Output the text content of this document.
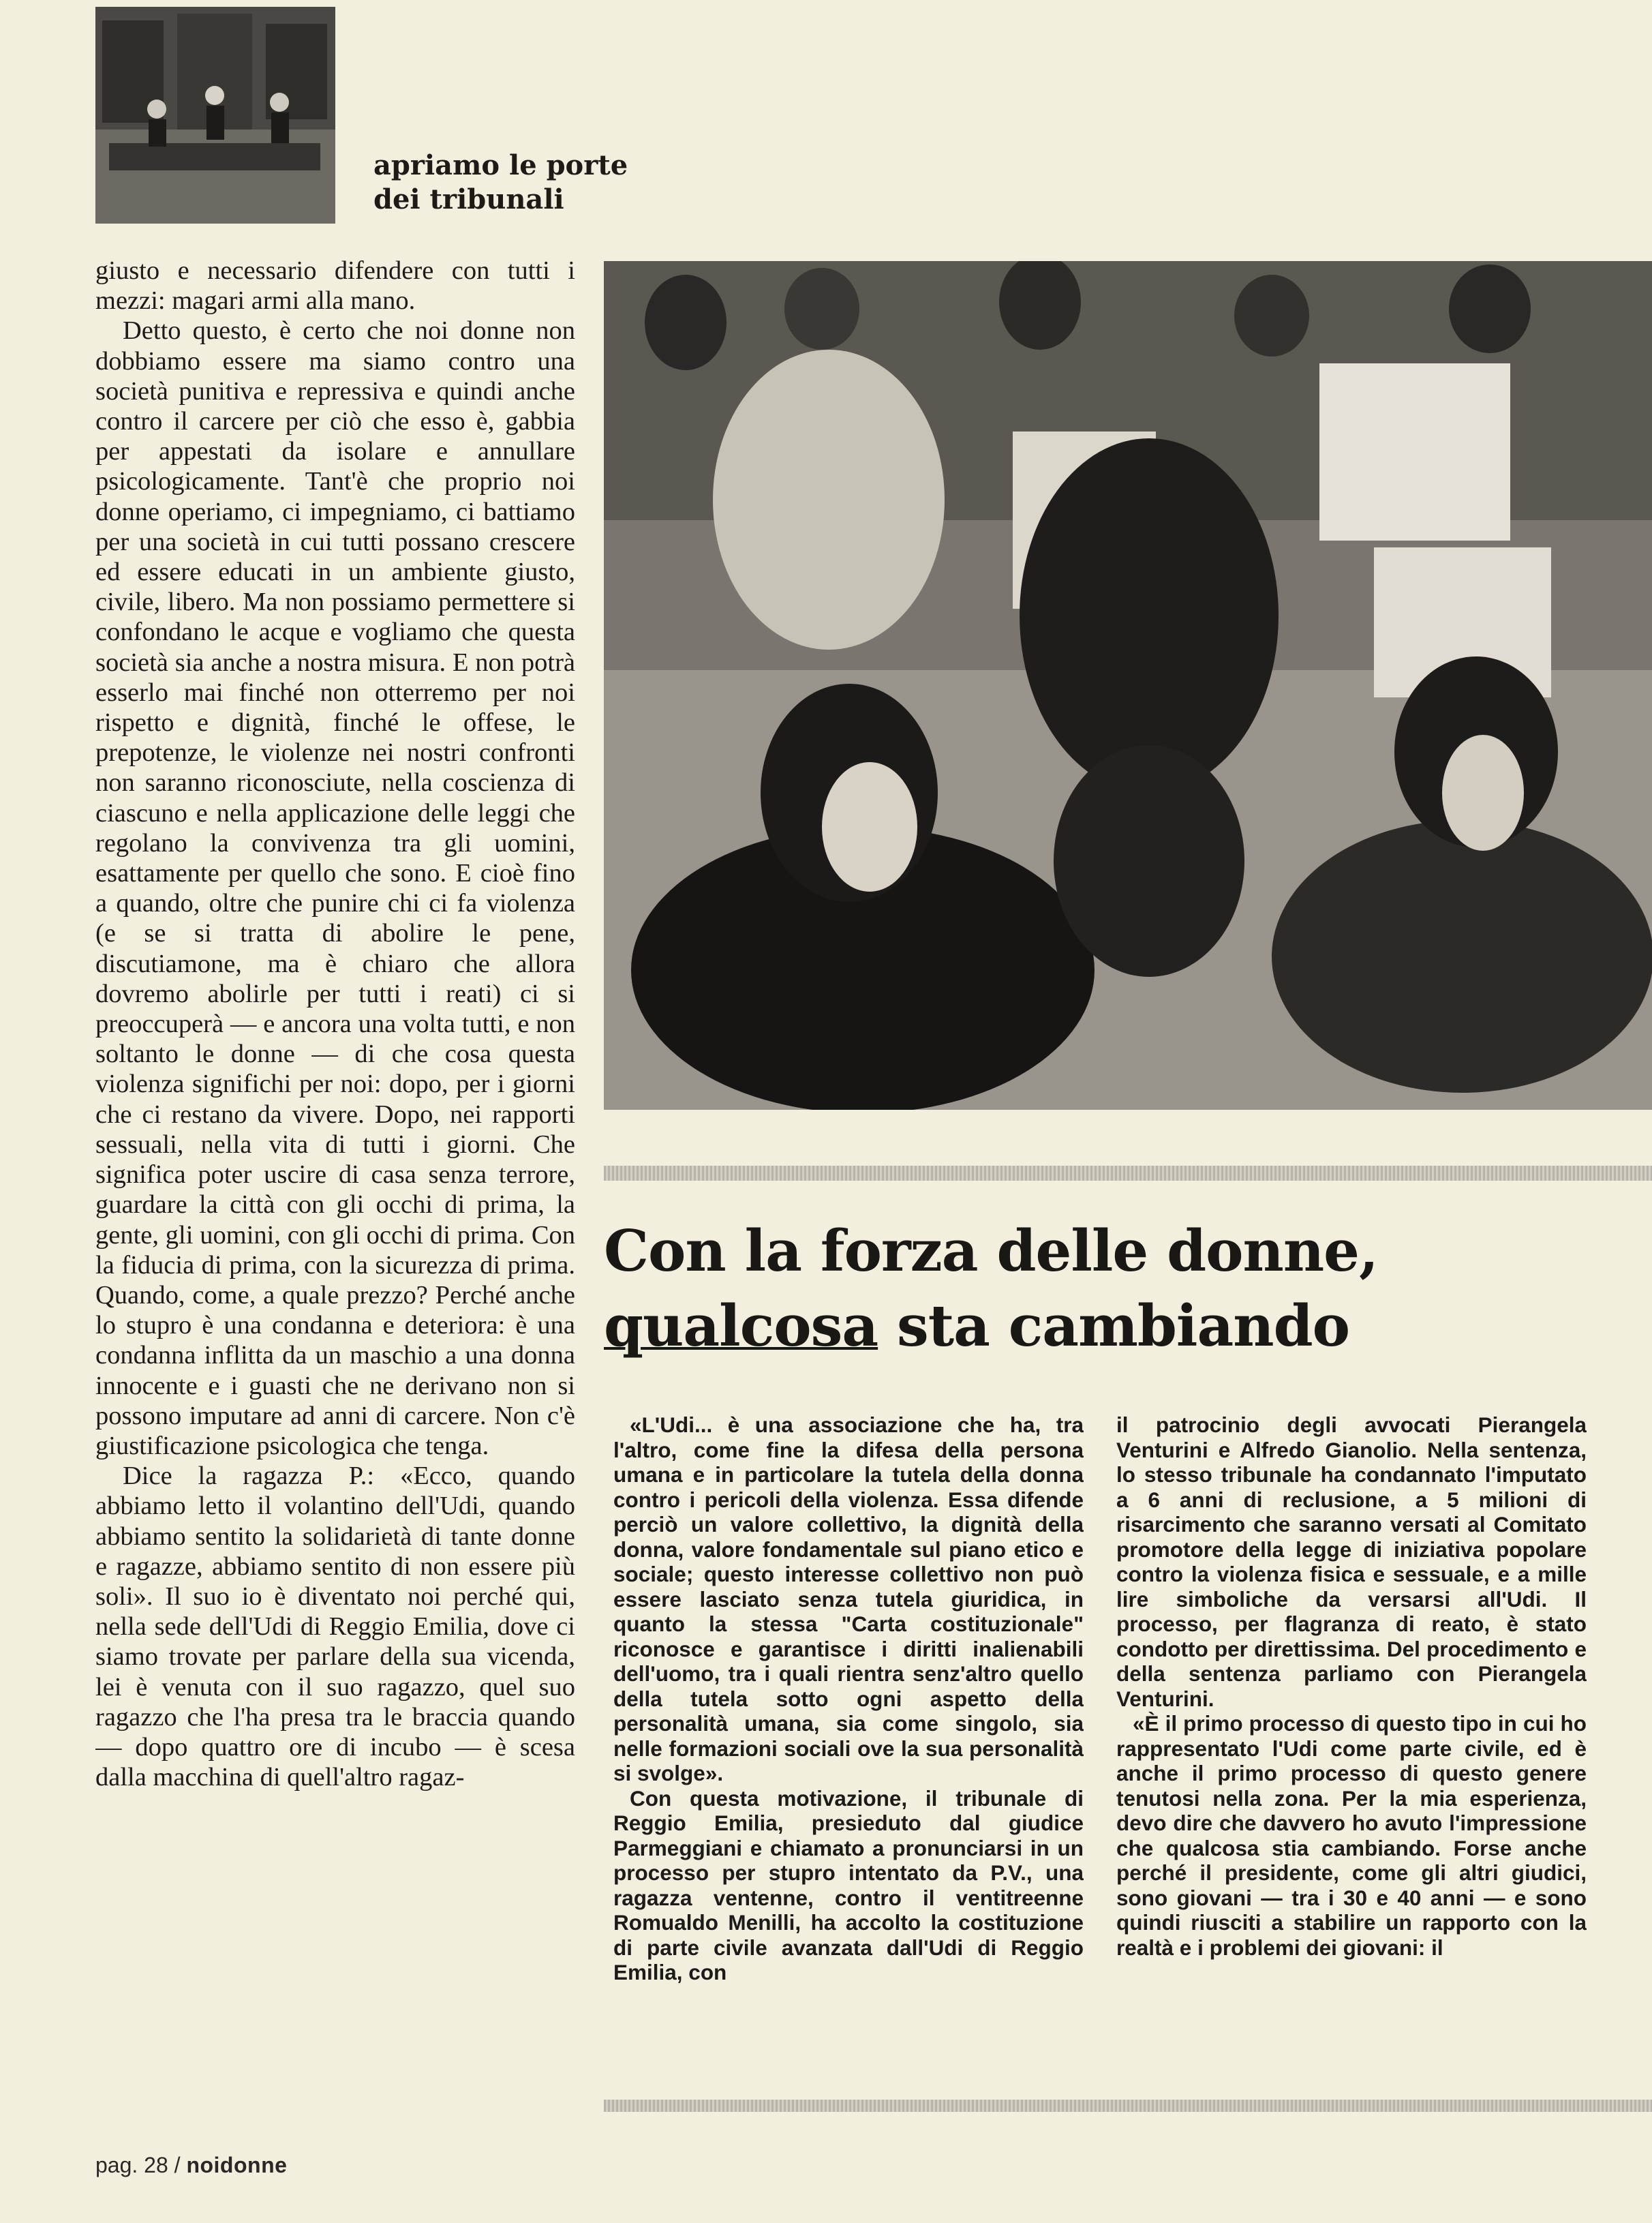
apriamo le porte
dei tribunali

giusto e necessario difendere con tutti i mezzi: magari armi alla mano.

Detto questo, è certo che noi donne non dobbiamo essere ma siamo contro una società punitiva e repressiva e quindi anche contro il carcere per ciò che esso è, gabbia per appestati da isolare e annullare psicologicamente. Tant'è che proprio noi donne operiamo, ci impegniamo, ci battiamo per una società in cui tutti possano crescere ed essere educati in un ambiente giusto, civile, libero. Ma non possiamo permettere si confondano le acque e vogliamo che questa società sia anche a nostra misura. E non potrà esserlo mai finché non otterremo per noi rispetto e dignità, finché le offese, le prepotenze, le violenze nei nostri confronti non saranno riconosciute, nella coscienza di ciascuno e nella applicazione delle leggi che regolano la convivenza tra gli uomini, esattamente per quello che sono. E cioè fino a quando, oltre che punire chi ci fa violenza (e se si tratta di abolire le pene, discutiamone, ma è chiaro che allora dovremo abolirle per tutti i reati) ci si preoccuperà — e ancora una volta tutti, e non soltanto le donne — di che cosa questa violenza significhi per noi: dopo, per i giorni che ci restano da vivere. Dopo, nei rapporti sessuali, nella vita di tutti i giorni. Che significa poter uscire di casa senza terrore, guardare la città con gli occhi di prima, la gente, gli uomini, con gli occhi di prima. Con la fiducia di prima, con la sicurezza di prima. Quando, come, a quale prezzo? Perché anche lo stupro è una condanna e deteriora: è una condanna inflitta da un maschio a una donna innocente e i guasti che ne derivano non si possono imputare ad anni di carcere. Non c'è giustificazione psicologica che tenga.

Dice la ragazza P.: «Ecco, quando abbiamo letto il volantino dell'Udi, quando abbiamo sentito la solidarietà di tante donne e ragazze, abbiamo sentito di non essere più soli». Il suo io è diventato noi perché qui, nella sede dell'Udi di Reggio Emilia, dove ci siamo trovate per parlare della sua vicenda, lei è venuta con il suo ragazzo, quel suo ragazzo che l'ha presa tra le braccia quando — dopo quattro ore di incubo — è scesa dalla macchina di quell'altro ragaz-

Con la forza delle donne,
qualcosa sta cambiando

«L'Udi... è una associazione che ha, tra l'altro, come fine la difesa della persona umana e in particolare la tutela della donna contro i pericoli della violenza. Essa difende perciò un valore collettivo, la dignità della donna, valore fondamentale sul piano etico e sociale; questo interesse collettivo non può essere lasciato senza tutela giuridica, in quanto la stessa "Carta costituzionale" riconosce e garantisce i diritti inalienabili dell'uomo, tra i quali rientra senz'altro quello della tutela sotto ogni aspetto della personalità umana, sia come singolo, sia nelle formazioni sociali ove la sua personalità si svolge».

Con questa motivazione, il tribunale di Reggio Emilia, presieduto dal giudice Parmeggiani e chiamato a pronunciarsi in un processo per stupro intentato da P.V., una ragazza ventenne, contro il ventitreenne Romualdo Menilli, ha accolto la costituzione di parte civile avanzata dall'Udi di Reggio Emilia, con

il patrocinio degli avvocati Pierangela Venturini e Alfredo Gianolio. Nella sentenza, lo stesso tribunale ha condannato l'imputato a 6 anni di reclusione, a 5 milioni di risarcimento che saranno versati al Comitato promotore della legge di iniziativa popolare contro la violenza fisica e sessuale, e a mille lire simboliche da versarsi all'Udi. Il processo, per flagranza di reato, è stato condotto per direttissima. Del procedimento e della sentenza parliamo con Pierangela Venturini.

«È il primo processo di questo tipo in cui ho rappresentato l'Udi come parte civile, ed è anche il primo processo di questo genere tenutosi nella zona. Per la mia esperienza, devo dire che davvero ho avuto l'impressione che qualcosa stia cambiando. Forse anche perché il presidente, come gli altri giudici, sono giovani — tra i 30 e 40 anni — e sono quindi riusciti a stabilire un rapporto con la realtà e i problemi dei giovani: il

pag. 28 / noidonne
